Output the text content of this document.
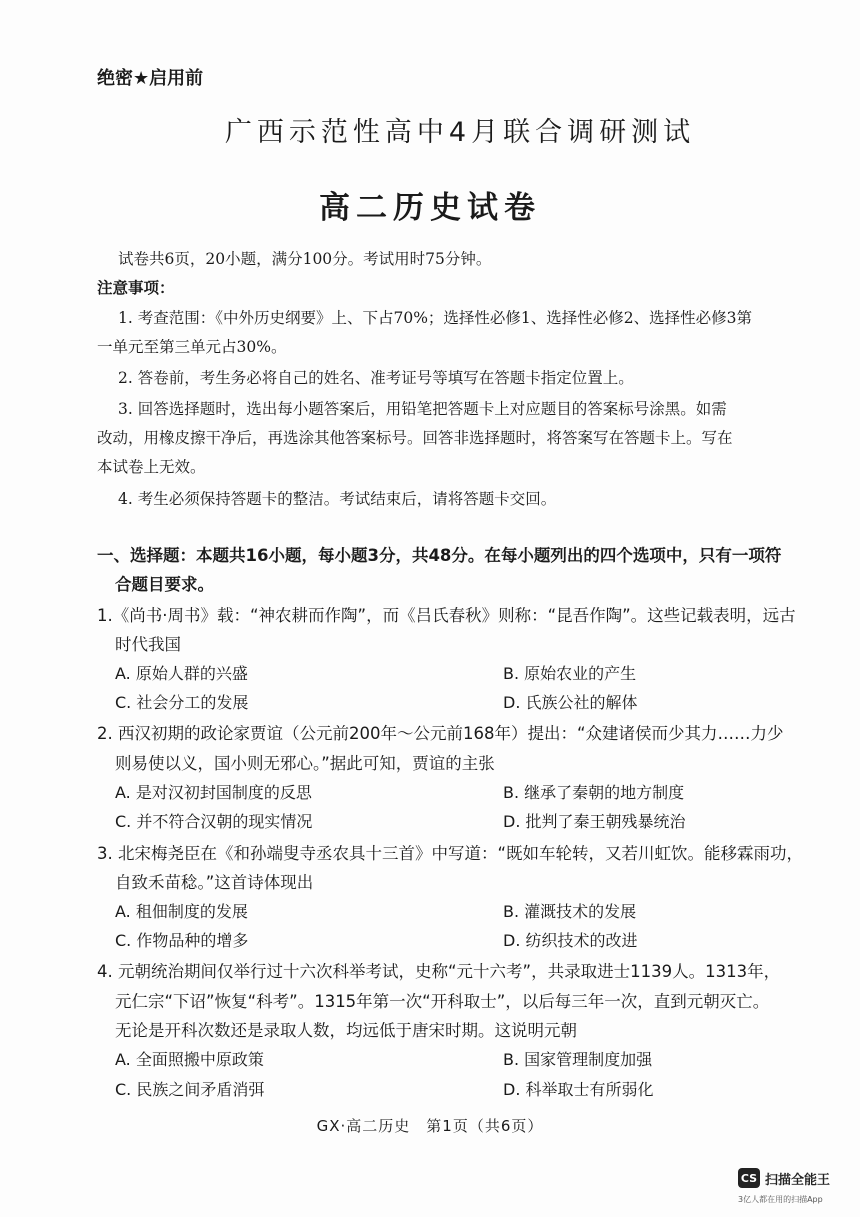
绝密★启用前
广西示范性高中4月联合调研测试
高二历史试卷
试卷共6页，20小题，满分100分。考试用时75分钟。
注意事项：
1. 考查范围：《中外历史纲要》上、下占70%；选择性必修1、选择性必修2、选择性必修3第
一单元至第三单元占30%。
2. 答卷前，考生务必将自己的姓名、准考证号等填写在答题卡指定位置上。
3. 回答选择题时，选出每小题答案后，用铅笔把答题卡上对应题目的答案标号涂黑。如需
改动，用橡皮擦干净后，再选涂其他答案标号。回答非选择题时，将答案写在答题卡上。写在
本试卷上无效。
4. 考生必须保持答题卡的整洁。考试结束后，请将答题卡交回。
一、选择题：本题共16小题，每小题3分，共48分。在每小题列出的四个选项中，只有一项符
合题目要求。
1.《尚书·周书》载：“神农耕而作陶”，而《吕氏春秋》则称：“昆吾作陶”。这些记载表明，远古
时代我国
A. 原始人群的兴盛	B. 原始农业的产生
C. 社会分工的发展	D. 氏族公社的解体
2. 西汉初期的政论家贾谊（公元前200年～公元前168年）提出：“众建诸侯而少其力……力少
则易使以义，国小则无邪心。”据此可知，贾谊的主张
A. 是对汉初封国制度的反思	B. 继承了秦朝的地方制度
C. 并不符合汉朝的现实情况	D. 批判了秦王朝残暴统治
3. 北宋梅尧臣在《和孙端叟寺丞农具十三首》中写道：“既如车轮转，又若川虹饮。能移霖雨功，
自致禾苗稔。”这首诗体现出
A. 租佃制度的发展	B. 灌溉技术的发展
C. 作物品种的增多	D. 纺织技术的改进
4. 元朝统治期间仅举行过十六次科举考试，史称“元十六考”，共录取进士1139人。1313年，
元仁宗“下诏”恢复“科考”。1315年第一次“开科取士”，以后每三年一次，直到元朝灭亡。
无论是开科次数还是录取人数，均远低于唐宋时期。这说明元朝
A. 全面照搬中原政策	B. 国家管理制度加强
C. 民族之间矛盾消弭	D. 科举取士有所弱化
GX·高二历史　第1页（共6页）
CS 扫描全能王
3亿人都在用的扫描App
